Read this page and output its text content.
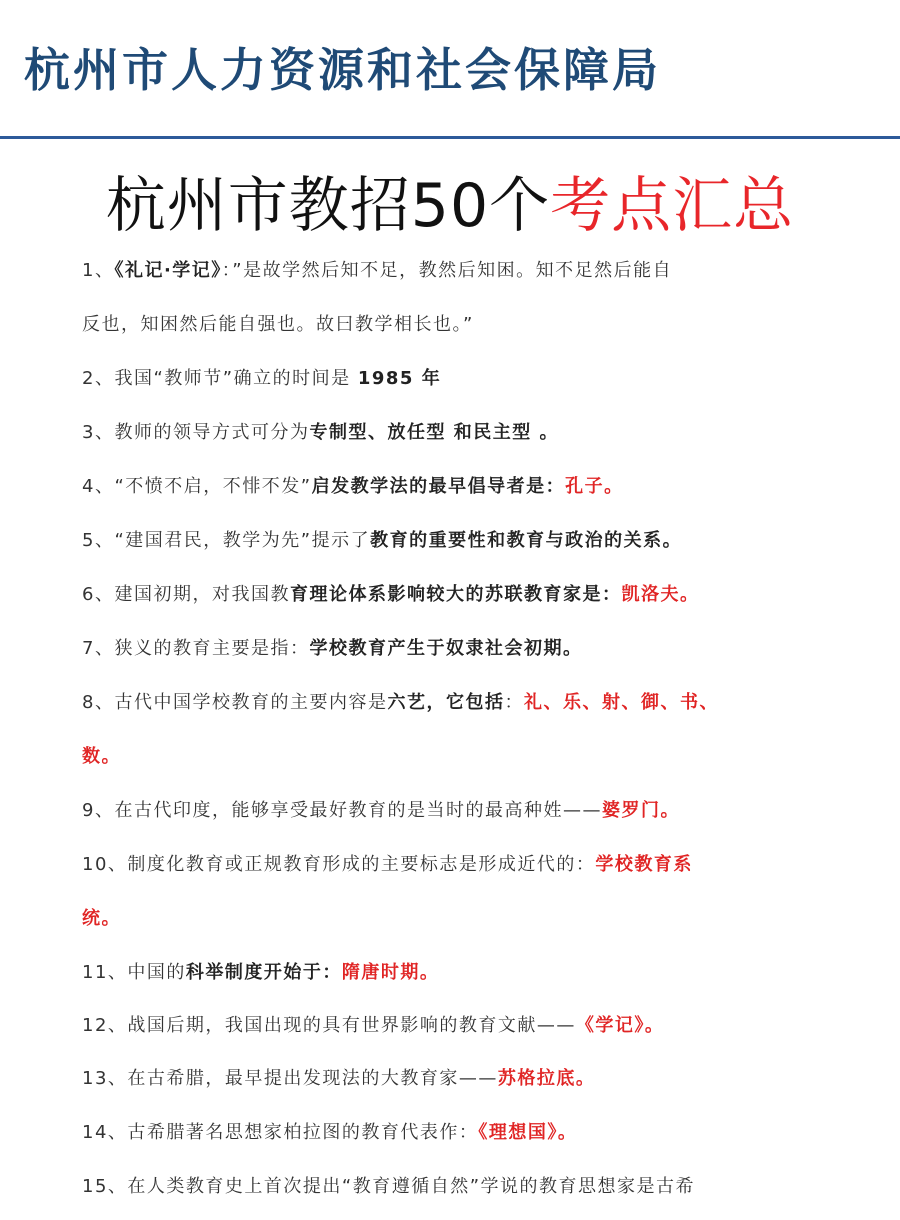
杭州市人力资源和社会保障局
杭州市教招50个考点汇总
1、《礼记·学记》：”是故学然后知不足，教然后知困。知不足然后能自
反也，知困然后能自强也。故曰教学相长也。”
2、我国“教师节”确立的时间是 1985 年
3、教师的领导方式可分为专制型、放任型 和民主型 。
4、“不愤不启，不悱不发”启发教学法的最早倡导者是：孔子。
5、“建国君民，教学为先”提示了教育的重要性和教育与政治的关系。
6、建国初期，对我国教育理论体系影响较大的苏联教育家是：凯洛夫。
7、狭义的教育主要是指：学校教育产生于奴隶社会初期。
8、古代中国学校教育的主要内容是六艺，它包括：礼、乐、射、御、书、
数。
9、在古代印度，能够享受最好教育的是当时的最高种姓——婆罗门。
10、制度化教育或正规教育形成的主要标志是形成近代的：学校教育系
统。
11、中国的科举制度开始于：隋唐时期。
12、战国后期，我国出现的具有世界影响的教育文献——《学记》。
13、在古希腊，最早提出发现法的大教育家——苏格拉底。
14、古希腊著名思想家柏拉图的教育代表作：《理想国》。
15、在人类教育史上首次提出“教育遵循自然”学说的教育思想家是古希
